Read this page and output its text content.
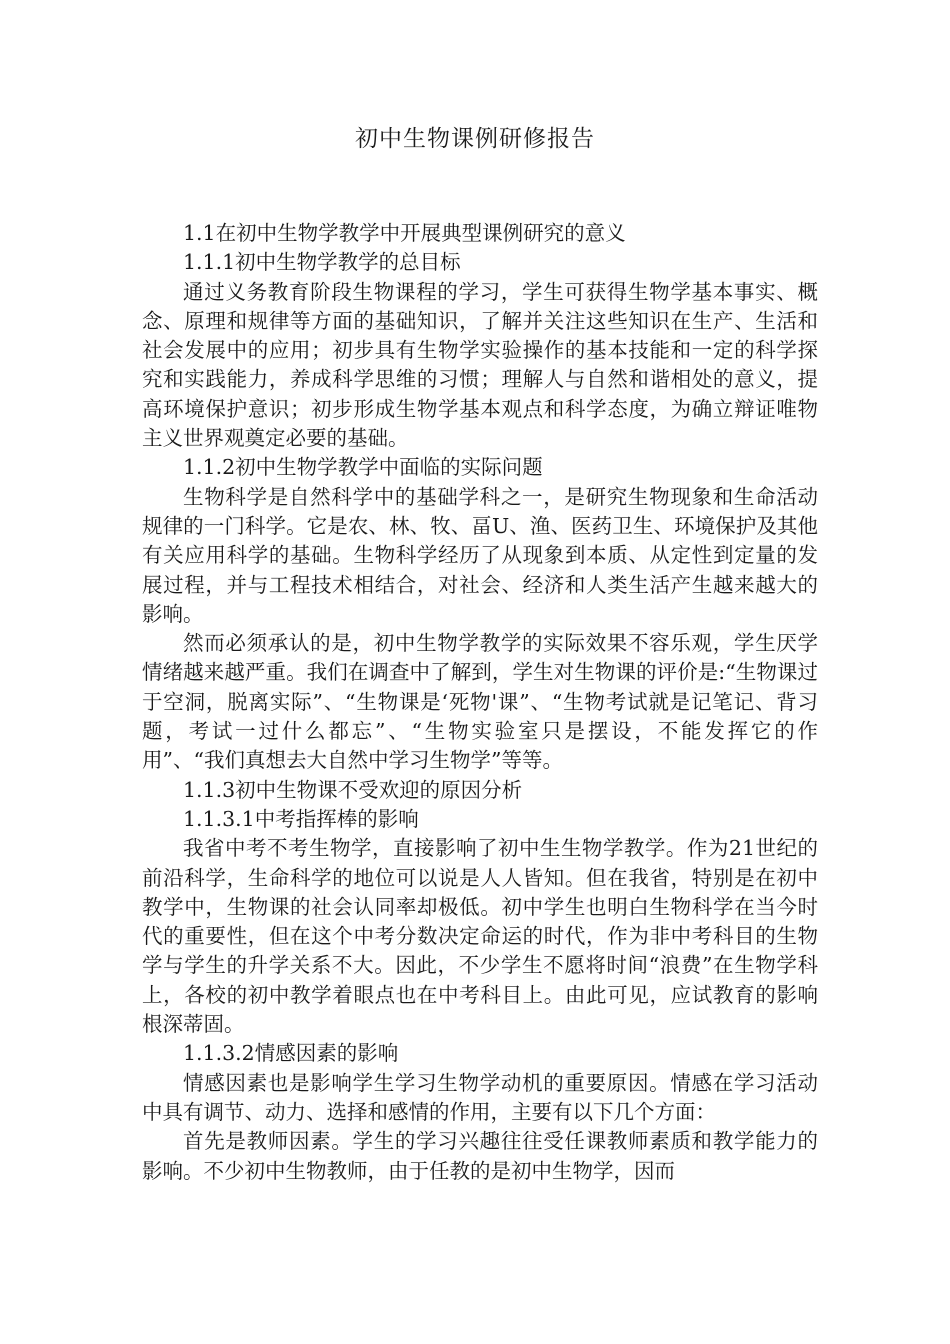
初中生物课例研修报告

1.1在初中生物学教学中开展典型课例研究的意义

1.1.1初中生物学教学的总目标

通过义务教育阶段生物课程的学习，学生可获得生物学基本事实、概念、原理和规律等方面的基础知识，了解并关注这些知识在生产、生活和社会发展中的应用；初步具有生物学实验操作的基本技能和一定的科学探究和实践能力，养成科学思维的习惯；理解人与自然和谐相处的意义，提高环境保护意识；初步形成生物学基本观点和科学态度，为确立辩证唯物主义世界观奠定必要的基础。

1.1.2初中生物学教学中面临的实际问题

生物科学是自然科学中的基础学科之一，是研究生物现象和生命活动规律的一门科学。它是农、林、牧、畐U、渔、医药卫生、环境保护及其他有关应用科学的基础。生物科学经历了从现象到本质、从定性到定量的发展过程，并与工程技术相结合，对社会、经济和人类生活产生越来越大的影响。

然而必须承认的是，初中生物学教学的实际效果不容乐观，学生厌学情绪越来越严重。我们在调查中了解到，学生对生物课的评价是:“生物课过于空洞，脱离实际”、“生物课是‘死物'课”、“生物考试就是记笔记、背习题，考试一过什么都忘”、“生物实验室只是摆设，不能发挥它的作用”、“我们真想去大自然中学习生物学”等等。

1.1.3初中生物课不受欢迎的原因分析

1.1.3.1中考指挥棒的影响

我省中考不考生物学，直接影响了初中生生物学教学。作为21世纪的前沿科学，生命科学的地位可以说是人人皆知。但在我省，特别是在初中教学中，生物课的社会认同率却极低。初中学生也明白生物科学在当今时代的重要性，但在这个中考分数决定命运的时代，作为非中考科目的生物学与学生的升学关系不大。因此，不少学生不愿将时间“浪费”在生物学科上，各校的初中教学着眼点也在中考科目上。由此可见，应试教育的影响根深蒂固。

1.1.3.2情感因素的影响

情感因素也是影响学生学习生物学动机的重要原因。情感在学习活动中具有调节、动力、选择和感情的作用，主要有以下几个方面：

首先是教师因素。学生的学习兴趣往往受任课教师素质和教学能力的影响。不少初中生物教师，由于任教的是初中生物学，因而
